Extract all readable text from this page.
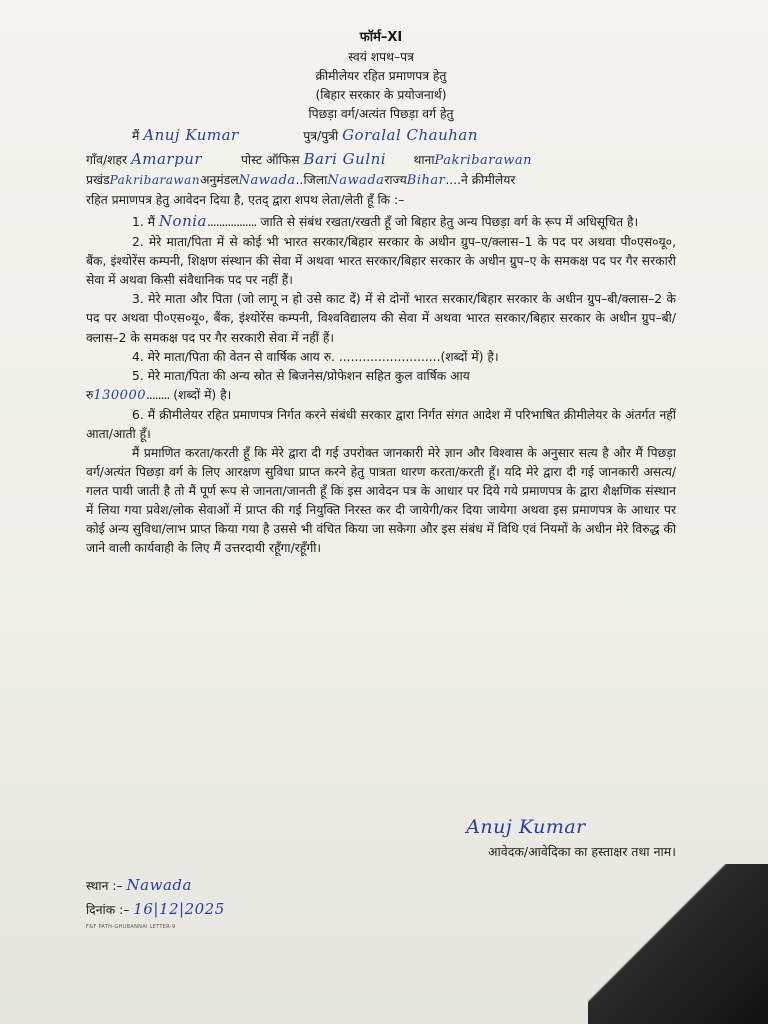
फॉर्म–XI

स्वयं शपथ–पत्र

क्रीमीलेयर रहित प्रमाणपत्र हेतु

(बिहार सरकार के प्रयोजनार्थ)

पिछड़ा वर्ग/अत्यंत पिछड़ा वर्ग हेतु

मैं Anuj Kumar	पुत्र/पुत्री Goralal Chauhan

गाँव/शहर Amarpur	पोस्ट ऑफिस Bari Gulni थानाPakribarawan

प्रखंडPakribarawanअनुमंडलNawada..जिलाNawadaराज्यBihar....ने क्रीमीलेयर

रहित प्रमाणपत्र हेतु आवेदन दिया है, एतद् द्वारा शपथ लेता/लेती हूँ कि :–

1. मैं Nonia................. जाति से संबंध रखता/रखती हूँ जो बिहार हेतु अन्य पिछड़ा वर्ग के रूप में अधिसूचित है।

2. मेरे माता/पिता में से कोई भी भारत सरकार/बिहार सरकार के अधीन ग्रुप–ए/क्लास–1 के पद पर अथवा पी०एस०यू०, बैंक, इंश्योरेंस कम्पनी, शिक्षण संस्थान की सेवा में अथवा भारत सरकार/बिहार सरकार के अधीन ग्रुप–ए के समकक्ष पद पर गैर सरकारी सेवा में अथवा किसी संवैधानिक पद पर नहीं हैं।

3. मेरे माता और पिता (जो लागू न हो उसे काट दें) में से दोनों भारत सरकार/बिहार सरकार के अधीन ग्रुप–बी/क्लास–2 के पद पर अथवा पी०एस०यू०, बैंक, इंश्योरेंस कम्पनी, विश्वविद्यालय की सेवा में अथवा भारत सरकार/बिहार सरकार के अधीन ग्रुप–बी/क्लास–2 के समकक्ष पद पर गैर सरकारी सेवा में नहीं हैं।

4. मेरे माता/पिता की वेतन से वार्षिक आय रु. ..........................(शब्दों में) है।

5. मेरे माता/पिता की अन्य स्रोत से बिजनेस/प्रोफेशन सहित कुल वार्षिक आय
रु130000........ (शब्दों में) है।

6. मैं क्रीमीलेयर रहित प्रमाणपत्र निर्गत करने संबंधी सरकार द्वारा निर्गत संगत आदेश में परिभाषित क्रीमीलेयर के अंतर्गत नहीं आता/आती हूँ।

मैं प्रमाणित करता/करती हूँ कि मेरे द्वारा दी गई उपरोक्त जानकारी मेरे ज्ञान और विश्वास के अनुसार सत्य है और मैं पिछड़ा वर्ग/अत्यंत पिछड़ा वर्ग के लिए आरक्षण सुविधा प्राप्त करने हेतु पात्रता धारण करता/करती हूँ। यदि मेरे द्वारा दी गई जानकारी असत्य/गलत पायी जाती है तो मैं पूर्ण रूप से जानता/जानती हूँ कि इस आवेदन पत्र के आधार पर दिये गये प्रमाणपत्र के द्वारा शैक्षणिक संस्थान में लिया गया प्रवेश/लोक सेवाओं में प्राप्त की गई नियुक्ति निरस्त कर दी जायेगी/कर दिया जायेगा अथवा इस प्रमाणपत्र के आधार पर कोई अन्य सुविधा/लाभ प्राप्त किया गया है उससे भी वंचित किया जा सकेगा और इस संबंध में विधि एवं नियमों के अधीन मेरे विरुद्ध की जाने वाली कार्यवाही के लिए मैं उत्तरदायी रहूँगा/रहूँगी।

Anuj Kumar
आवेदक/आवेदिका का हस्ताक्षर तथा नाम।
स्थान :– Nawada
दिनांक :– 16|12|2025
F&F PATH-GHUBANNAI LETTER-9
